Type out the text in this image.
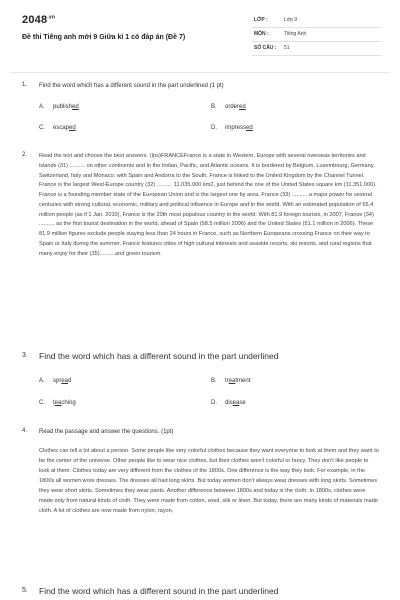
$2048^{.vn}$
Đề thi Tiếng anh mới 9 Giữa kì 1 có đáp án (Đề 7)
LỚP :	Lớp 9
MÔN :	Tiếng Anh
SỐ CÂU : 51
1. Find the word which has a different sound in the part underlined (1 pt)
A. published	B. ordered
C. escaped	D. impressed
2. Read the text and choose the best answers. (Ips)FRANCEFrance is a state in Western, Europe with several overseas territories and islands (31) .......... on other continents and in the Indian, Pacific, and Atlantic oceans. It is bordered by Belgium, Luxembourg, Germany, Switzerland, Italy and Monaco; with Spain and Andorra to the South. France is linked to the United Kingdom by the Channel Tunnel. France is the largest West-Europe country (32) .......... 11.035.000 km2, just behind the one of the United States square km (11.351.000). France is a founding member state of the European Union and is the largest one by area. France (33) .......... a major power for several centuries with strong cultural, economic, military and political influence in Europe and in the world. With an estimated population of 65.4 million people (as if 1 Jan. 2010), France is the 20th most populous country in the world. With 81.9 foreign tourists, in 2007, France (34) .......... as the first tourist destination in the world, ahead of Spain (58.5 million 2006) and the United States (51.1 million in 2006). These 81.9 million figures exclude people staying less than 24 hours in France, such as Northern Europeans crossing France on their way to Spain or Italy during the summer. France features cities of high cultural interests and seaside resorts, ski resorts, and rural regions that many enjoy for their (35)..........and green tourism.

3. Find the word which has a different sound in the part underlined
A. spread	B. treatment
C. teaching	D. disease
4. Read the passage and answer the questions. (1pt)

Clothes can tell a lot about a person. Some people like very colorful clothes because they want everyone to look at them and they want to be the center of the universe. Other people like to wear nice clothes, but their clothes aren't colorful or fancy. They don't like people to look at them. Clothes today are very different from the clothes of the 1800s. One difference is the way they look. For example, in the 1800s all women wore dresses. The dresses all had long skirts. But today women don't always wear dresses with long skirts. Sometimes they wear short skirts. Sometimes they wear pants. Another difference between 1800s and today is the cloth. In 1800s, clothes were made only from natural kinds of cloth. They were made from cotton, wool, silk or linen. But today, there are many kinds of materials made cloth. A lot of clothes are now made from nylon, rayon,

5. Find the word which has a different sound in the part underlined
